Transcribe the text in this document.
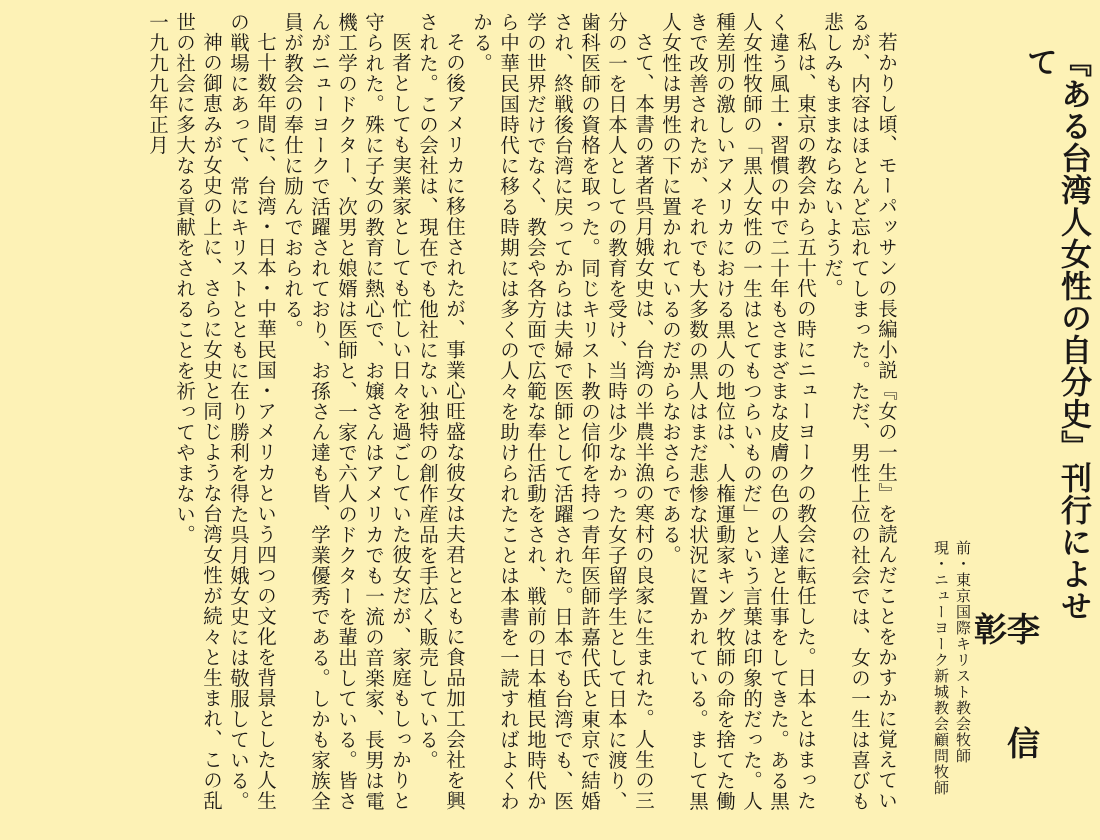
『ある台湾人女性の自分史』刊行によせて
前・東京国際キリスト教会牧師
現・ニューヨーク新城教会顧問牧師	李　信　彰

若かりし頃、モーパッサンの長編小説『女の一生』を読んだことをかすかに覚えているが、内容はほとんど忘れてしまった。ただ、男性上位の社会では、女の一生は喜びも悲しみもままならないようだ。

私は、東京の教会から五十代の時にニューヨークの教会に転任した。日本とはまったく違う風土・習慣の中で二十年もさまざまな皮膚の色の人達と仕事をしてきた。ある黒人女性牧師の「黒人女性の一生はとてもつらいものだ」という言葉は印象的だった。人種差別の激しいアメリカにおける黒人の地位は、人権運動家キング牧師の命を捨てた働きで改善されたが、それでも大多数の黒人はまだ悲惨な状況に置かれている。まして黒人女性は男性の下に置かれているのだからなおさらである。

さて、本書の著者呉月娥女史は、台湾の半農半漁の寒村の良家に生まれた。人生の三分の一を日本人としての教育を受け、当時は少なかった女子留学生として日本に渡り、歯科医師の資格を取った。同じキリスト教の信仰を持つ青年医師許嘉代氏と東京で結婚され、終戦後台湾に戻ってからは夫婦で医師として活躍された。日本でも台湾でも、医学の世界だけでなく、教会や各方面で広範な奉仕活動をされ、戦前の日本植民地時代から中華民国時代に移る時期には多くの人々を助けられたことは本書を一読すればよくわかる。

その後アメリカに移住されたが、事業心旺盛な彼女は夫君とともに食品加工会社を興された。この会社は、現在でも他社にない独特の創作産品を手広く販売している。

医者としても実業家としても忙しい日々を過ごしていた彼女だが、家庭もしっかりと守られた。殊に子女の教育に熱心で、お嬢さんはアメリカでも一流の音楽家、長男は電機工学のドクター、次男と娘婿は医師と、一家で六人のドクターを輩出している。皆さんがニューヨークで活躍されており、お孫さん達も皆、学業優秀である。しかも家族全員が教会の奉仕に励んでおられる。

七十数年間に、台湾・日本・中華民国・アメリカという四つの文化を背景とした人生の戦場にあって、常にキリストとともに在り勝利を得た呉月娥女史には敬服している。

神の御恵みが女史の上に、さらに女史と同じような台湾女性が続々と生まれ、この乱世の社会に多大なる貢献をされることを祈ってやまない。

一九九九年正月
